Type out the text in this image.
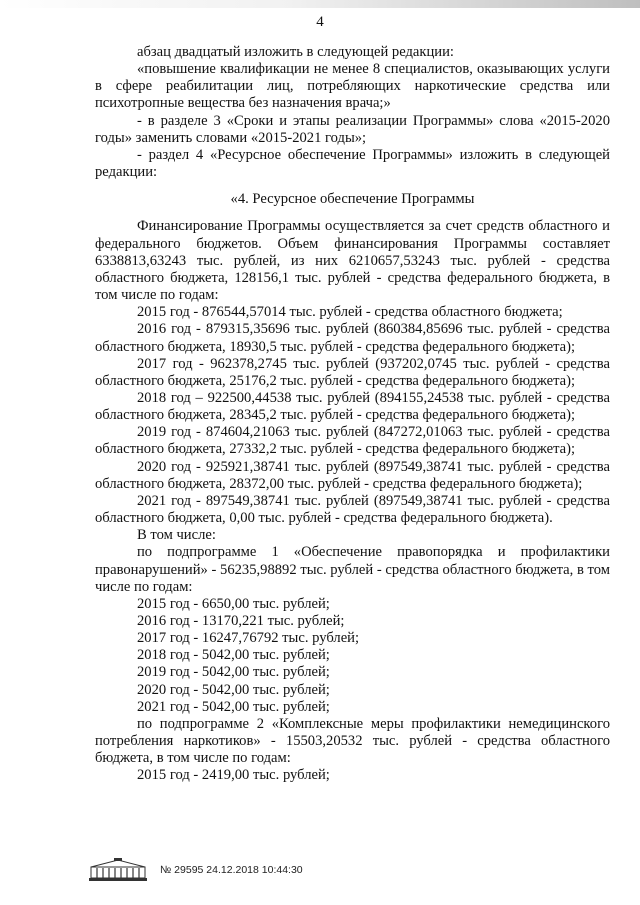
4

абзац двадцатый изложить в следующей редакции:

«повышение квалификации не менее 8 специалистов, оказывающих услуги в сфере реабилитации лиц, потребляющих наркотические средства или психотропные вещества без назначения врача;»

- в разделе 3 «Сроки и этапы реализации Программы» слова «2015-2020 годы» заменить словами «2015-2021 годы»;

- раздел 4 «Ресурсное обеспечение Программы» изложить в следующей редакции:

«4. Ресурсное обеспечение Программы

Финансирование Программы осуществляется за счет средств областного и федерального бюджетов. Объем финансирования Программы составляет 6338813,63243 тыс. рублей, из них 6210657,53243 тыс. рублей - средства областного бюджета, 128156,1 тыс. рублей - средства федерального бюджета, в том числе по годам:

2015 год - 876544,57014 тыс. рублей - средства областного бюджета;

2016 год - 879315,35696 тыс. рублей (860384,85696 тыс. рублей - средства областного бюджета, 18930,5 тыс. рублей - средства федерального бюджета);

2017 год - 962378,2745 тыс. рублей (937202,0745 тыс. рублей - средства областного бюджета, 25176,2 тыс. рублей - средства федерального бюджета);

2018 год – 922500,44538 тыс. рублей (894155,24538 тыс. рублей - средства областного бюджета, 28345,2 тыс. рублей - средства федерального бюджета);

2019 год - 874604,21063 тыс. рублей (847272,01063 тыс. рублей - средства областного бюджета, 27332,2 тыс. рублей - средства федерального бюджета);

2020 год - 925921,38741 тыс. рублей (897549,38741 тыс. рублей - средства областного бюджета, 28372,00 тыс. рублей - средства федерального бюджета);

2021 год - 897549,38741 тыс. рублей (897549,38741 тыс. рублей - средства областного бюджета, 0,00 тыс. рублей - средства федерального бюджета).

В том числе:

по подпрограмме 1 «Обеспечение правопорядка и профилактики правонарушений» - 56235,98892 тыс. рублей - средства областного бюджета, в том числе по годам:

2015 год - 6650,00 тыс. рублей;

2016 год - 13170,221 тыс. рублей;

2017 год - 16247,76792 тыс. рублей;

2018 год - 5042,00 тыс. рублей;

2019 год - 5042,00 тыс. рублей;

2020 год - 5042,00 тыс. рублей;

2021 год - 5042,00 тыс. рублей;

по подпрограмме 2 «Комплексные меры профилактики немедицинского потребления наркотиков» - 15503,20532 тыс. рублей - средства областного бюджета, в том числе по годам:

2015 год - 2419,00 тыс. рублей;

№ 29595 24.12.2018 10:44:30
